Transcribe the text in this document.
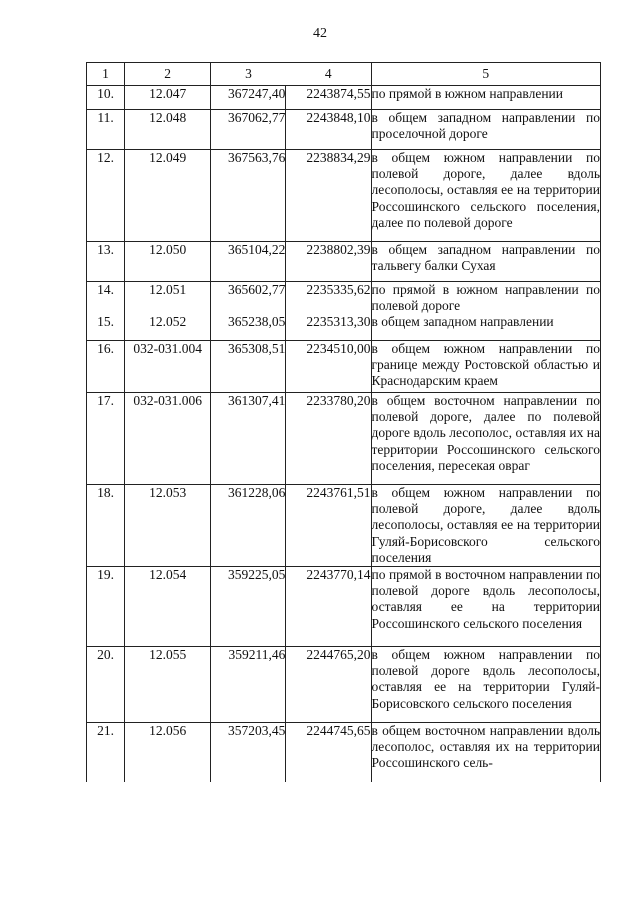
42
1	2	3	4	5
10.	12.047	367247,40	2243874,55	по прямой в южном направлении
11.	12.048	367062,77	2243848,10	в общем западном направлении по проселочной дороге
12.	12.049	367563,76	2238834,29	в общем южном направлении по полевой дороге, далее вдоль лесополосы, оставляя ее на территории Россошинского сельского поселения, далее по полевой дороге
13.	12.050	365104,22	2238802,39	в общем западном направлении по тальвегу балки Сухая
14.	12.051	365602,77	2235335,62	по прямой в южном направлении по полевой дороге
15.	12.052	365238,05	2235313,30	в общем западном направлении
16.	032-031.004	365308,51	2234510,00	в общем южном направлении по границе между Ростовской областью и Краснодарским краем
17.	032-031.006	361307,41	2233780,20	в общем восточном направлении по полевой дороге, далее по полевой дороге вдоль лесополос, оставляя их на территории Россошинского сельского поселения, пересекая овраг
18.	12.053	361228,06	2243761,51	в общем южном направлении по полевой дороге, далее вдоль лесополосы, оставляя ее на территории Гуляй-Борисовского сельского поселения
19.	12.054	359225,05	2243770,14	по прямой в восточном направлении по полевой дороге вдоль лесополосы, оставляя ее на территории Россошинского сельского поселения
20.	12.055	359211,46	2244765,20	в общем южном направлении по полевой дороге вдоль лесополосы, оставляя ее на территории Гуляй-Борисовского сельского поселения
21.	12.056	357203,45	2244745,65	в общем восточном направлении вдоль лесополос, оставляя их на территории Россошинского сель-
